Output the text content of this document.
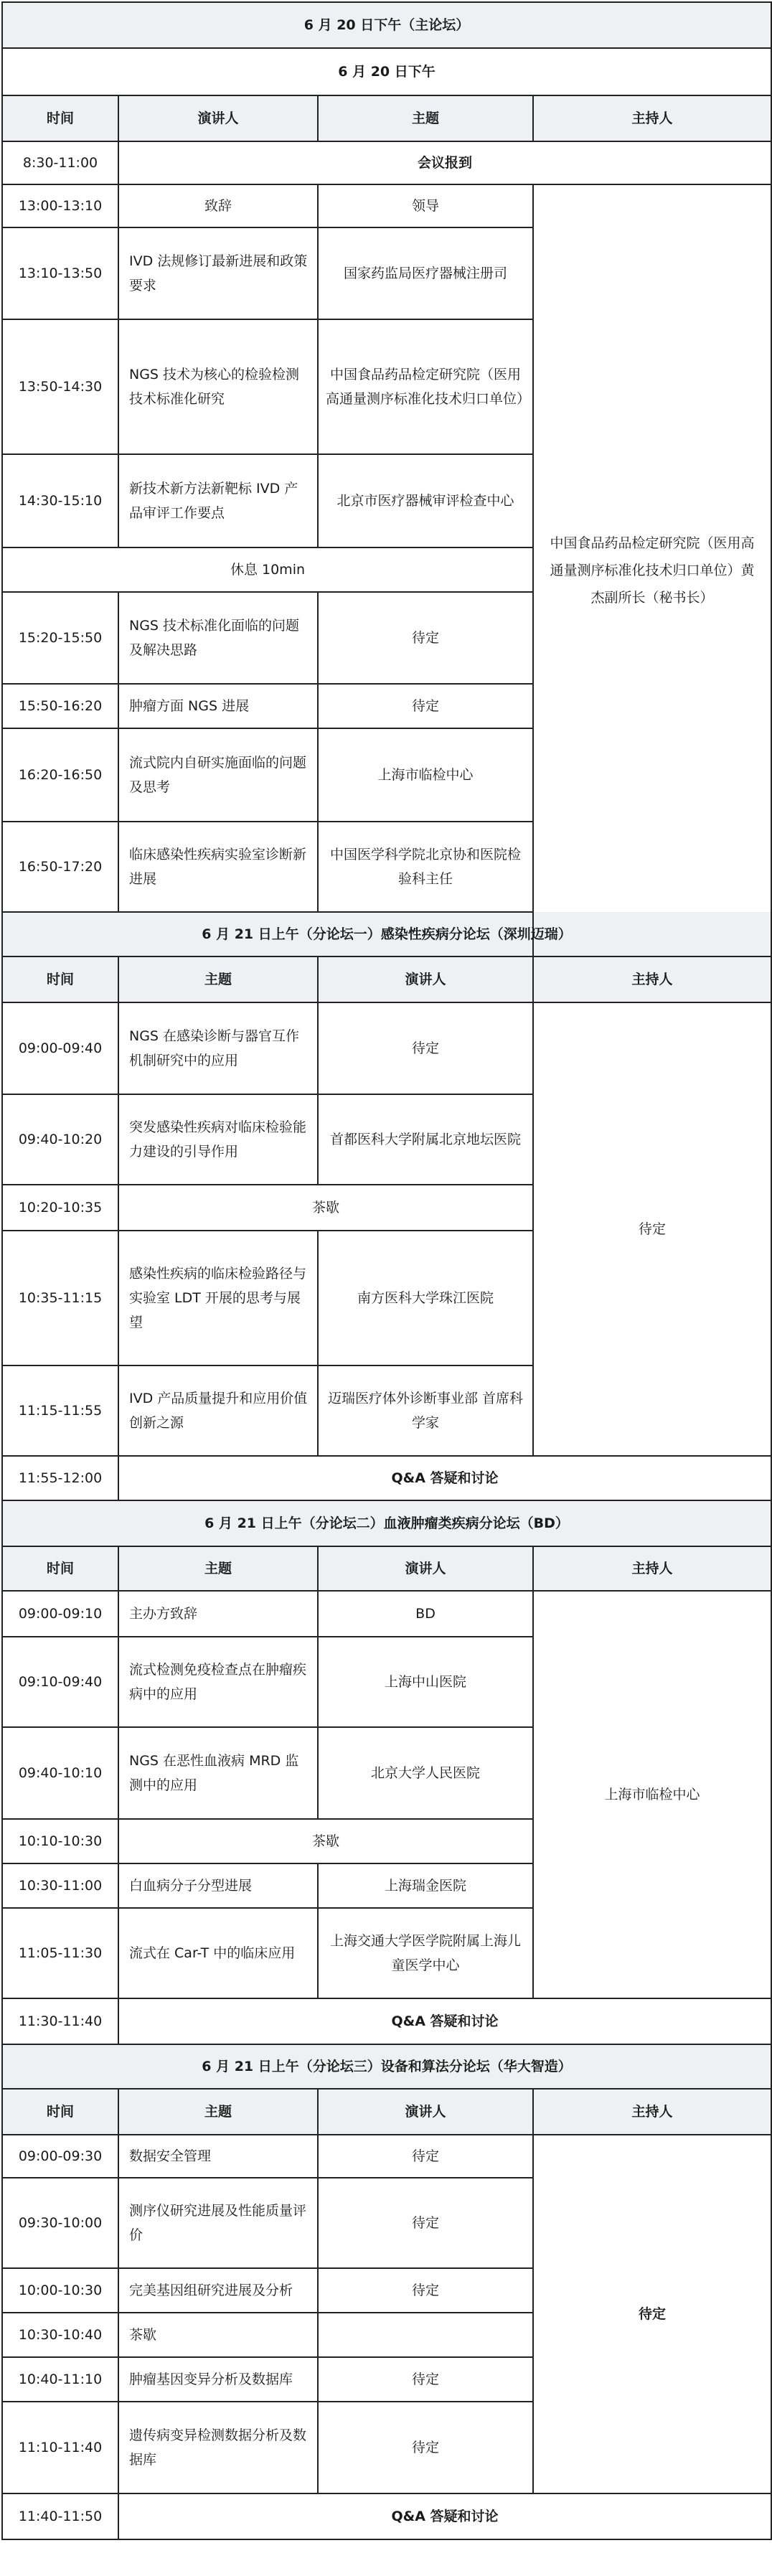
6 月 20 日下午（主论坛）			
6 月 20 日下午			
时间	演讲人	主题	主持人
8:30-11:00	会议报到		
13:00-13:10	致辞	领导	中国食品药品检定研究院（医用高通量测序标准化技术归口单位）黄杰副所长（秘书长）
13:10-13:50	IVD 法规修订最新进展和政策要求	国家药监局医疗器械注册司	
13:50-14:30	NGS 技术为核心的检验检测技术标准化研究	中国食品药品检定研究院（医用高通量测序标准化技术归口单位）	
14:30-15:10	新技术新方法新靶标 IVD 产品审评工作要点	北京市医疗器械审评检查中心	
休息 10min			
15:20-15:50	NGS 技术标准化面临的问题及解决思路	待定	
15:50-16:20	肿瘤方面 NGS 进展	待定	
16:20-16:50	流式院内自研实施面临的问题及思考	上海市临检中心	
16:50-17:20	临床感染性疾病实验室诊断新进展	中国医学科学院北京协和医院检验科主任	
6 月 21 日上午（分论坛一）感染性疾病分论坛（深圳迈瑞）			
时间	主题	演讲人	主持人
09:00-09:40	NGS 在感染诊断与器官互作机制研究中的应用	待定	待定
09:40-10:20	突发感染性疾病对临床检验能力建设的引导作用	首都医科大学附属北京地坛医院	
10:20-10:35	茶歇		
10:35-11:15	感染性疾病的临床检验路径与实验室 LDT 开展的思考与展望	南方医科大学珠江医院	
11:15-11:55	IVD 产品质量提升和应用价值创新之源	迈瑞医疗体外诊断事业部 首席科学家	
11:55-12:00	Q&A 答疑和讨论		
6 月 21 日上午（分论坛二）血液肿瘤类疾病分论坛（BD）			
时间	主题	演讲人	主持人
09:00-09:10	主办方致辞	BD	上海市临检中心
09:10-09:40	流式检测免疫检查点在肿瘤疾病中的应用	上海中山医院	
09:40-10:10	NGS 在恶性血液病 MRD 监测中的应用	北京大学人民医院	
10:10-10:30	茶歇		
10:30-11:00	白血病分子分型进展	上海瑞金医院	
11:05-11:30	流式在 Car-T 中的临床应用	上海交通大学医学院附属上海儿童医学中心	
11:30-11:40	Q&A 答疑和讨论		
6 月 21 日上午（分论坛三）设备和算法分论坛（华大智造）			
时间	主题	演讲人	主持人
09:00-09:30	数据安全管理	待定	待定
09:30-10:00	测序仪研究进展及性能质量评价	待定	
10:00-10:30	完美基因组研究进展及分析	待定	
10:30-10:40	茶歇		
10:40-11:10	肿瘤基因变异分析及数据库	待定	
11:10-11:40	遗传病变异检测数据分析及数据库	待定	
11:40-11:50	Q&A 答疑和讨论		
